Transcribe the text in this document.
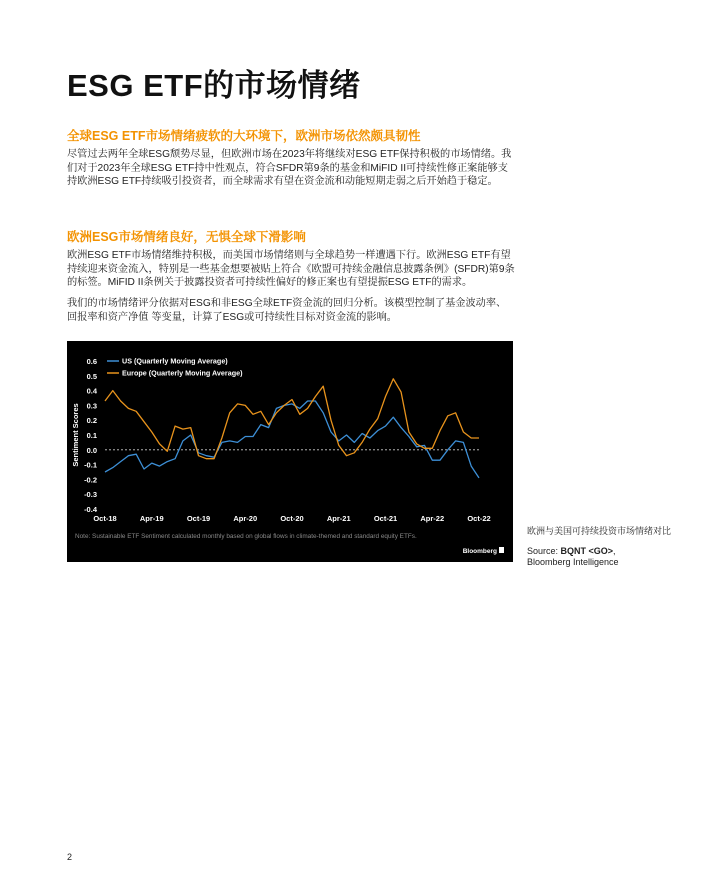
ESG ETF的市场情绪
全球ESG ETF市场情绪疲软的大环境下，欧洲市场依然颇具韧性
尽管过去两年全球ESG颓势尽显，但欧洲市场在2023年将继续对ESG ETF保持积极的市场情绪。我们对于2023年全球ESG ETF持中性观点，符合SFDR第9条的基金和MiFID II可持续性修正案能够支持欧洲ESG ETF持续吸引投资者，而全球需求有望在资金流和动能短期走弱之后开始趋于稳定。
欧洲ESG市场情绪良好，无惧全球下滑影响
欧洲ESG ETF市场情绪维持积极，而美国市场情绪则与全球趋势一样遭遇下行。欧洲ESG ETF有望持续迎来资金流入，特别是一些基金想要被贴上符合《欧盟可持续金融信息披露条例》(SFDR)第9条的标签。MiFID II条例关于披露投资者可持续性偏好的修正案也有望提振ESG ETF的需求。
我们的市场情绪评分依据对ESG和非ESG全球ETF资金流的回归分析。该模型控制了基金波动率、回报率和资产净值 等变量，计算了ESG或可持续性目标对资金流的影响。
0.6
0.5
0.4
0.3
0.2
0.1
0.0
-0.1
-0.2
-0.3
-0.4
Sentiment Scores
Oct-18	Apr-19	Oct-19	Apr-20	Oct-20	Apr-21	Oct-21	Apr-22	Oct-22
US (Quarterly Moving Average)
Europe (Quarterly Moving Average)
Note: Sustainable ETF Sentiment calculated monthly based on global flows in climate-themed and standard equity ETFs.
Bloomberg
欧洲与美国可持续投资市场情绪对比
Source: BQNT <GO>,
Bloomberg Intelligence
2
